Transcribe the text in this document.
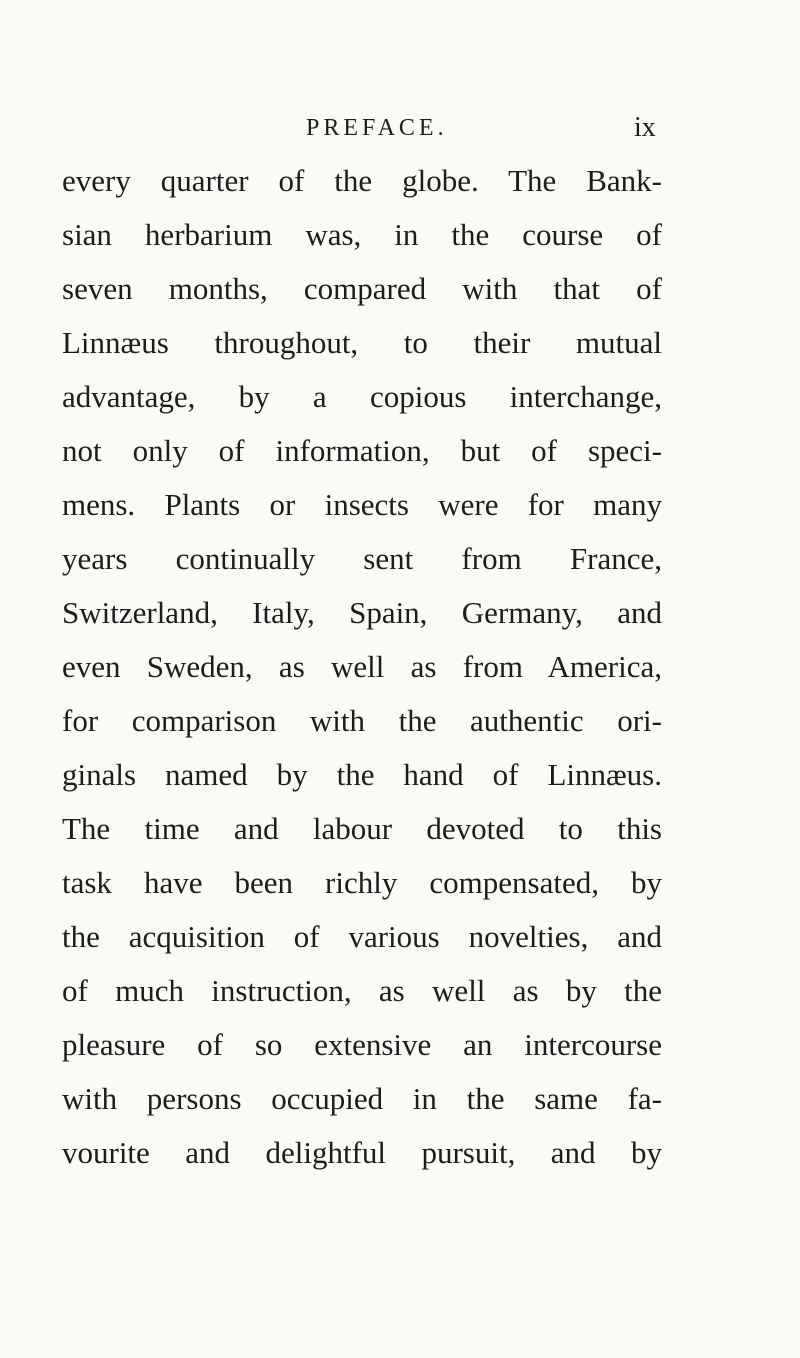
PREFACE.	ix
every quarter of the globe. The Bank-
sian herbarium was, in the course of
seven months, compared with that of
Linnæus throughout, to their mutual
advantage, by a copious interchange,
not only of information, but of speci-
mens. Plants or insects were for many
years continually sent from France,
Switzerland, Italy, Spain, Germany, and
even Sweden, as well as from America,
for comparison with the authentic ori-
ginals named by the hand of Linnæus.
The time and labour devoted to this
task have been richly compensated, by
the acquisition of various novelties, and
of much instruction, as well as by the
pleasure of so extensive an intercourse
with persons occupied in the same fa-
vourite and delightful pursuit, and by
